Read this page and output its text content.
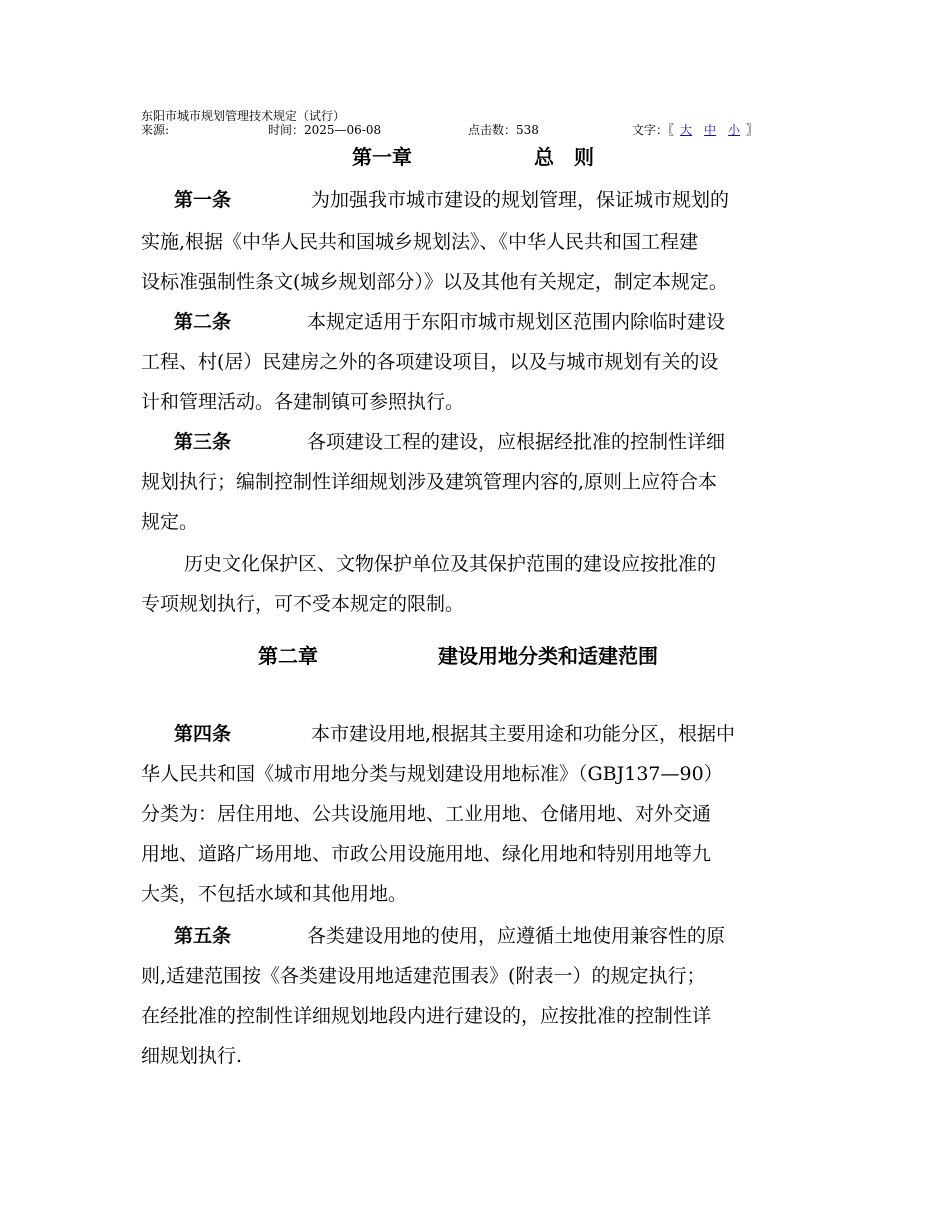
东阳市城市规划管理技术规定（试行）
来源:	时间：2025—06-08	点击数：538	文字：〖 大 中 小 〗
第一章	总　则
第一条	为加强我市城市建设的规划管理，保证城市规划的
实施,根据《中华人民共和国城乡规划法》、《中华人民共和国工程建
设标准强制性条文(城乡规划部分）》以及其他有关规定，制定本规定。
第二条	本规定适用于东阳市城市规划区范围内除临时建设
工程、村(居）民建房之外的各项建设项目，以及与城市规划有关的设
计和管理活动。各建制镇可参照执行。
第三条	各项建设工程的建设，应根据经批准的控制性详细
规划执行；编制控制性详细规划涉及建筑管理内容的,原则上应符合本
规定。
历史文化保护区、文物保护单位及其保护范围的建设应按批准的
专项规划执行，可不受本规定的限制。
第二章	建设用地分类和适建范围
第四条	本市建设用地,根据其主要用途和功能分区，根据中
华人民共和国《城市用地分类与规划建设用地标准》（GBJ137—90）
分类为：居住用地、公共设施用地、工业用地、仓储用地、对外交通
用地、道路广场用地、市政公用设施用地、绿化用地和特别用地等九
大类，不包括水域和其他用地。
第五条	各类建设用地的使用，应遵循土地使用兼容性的原
则,适建范围按《各类建设用地适建范围表》(附表一）的规定执行；
在经批准的控制性详细规划地段内进行建设的，应按批准的控制性详
细规划执行.
